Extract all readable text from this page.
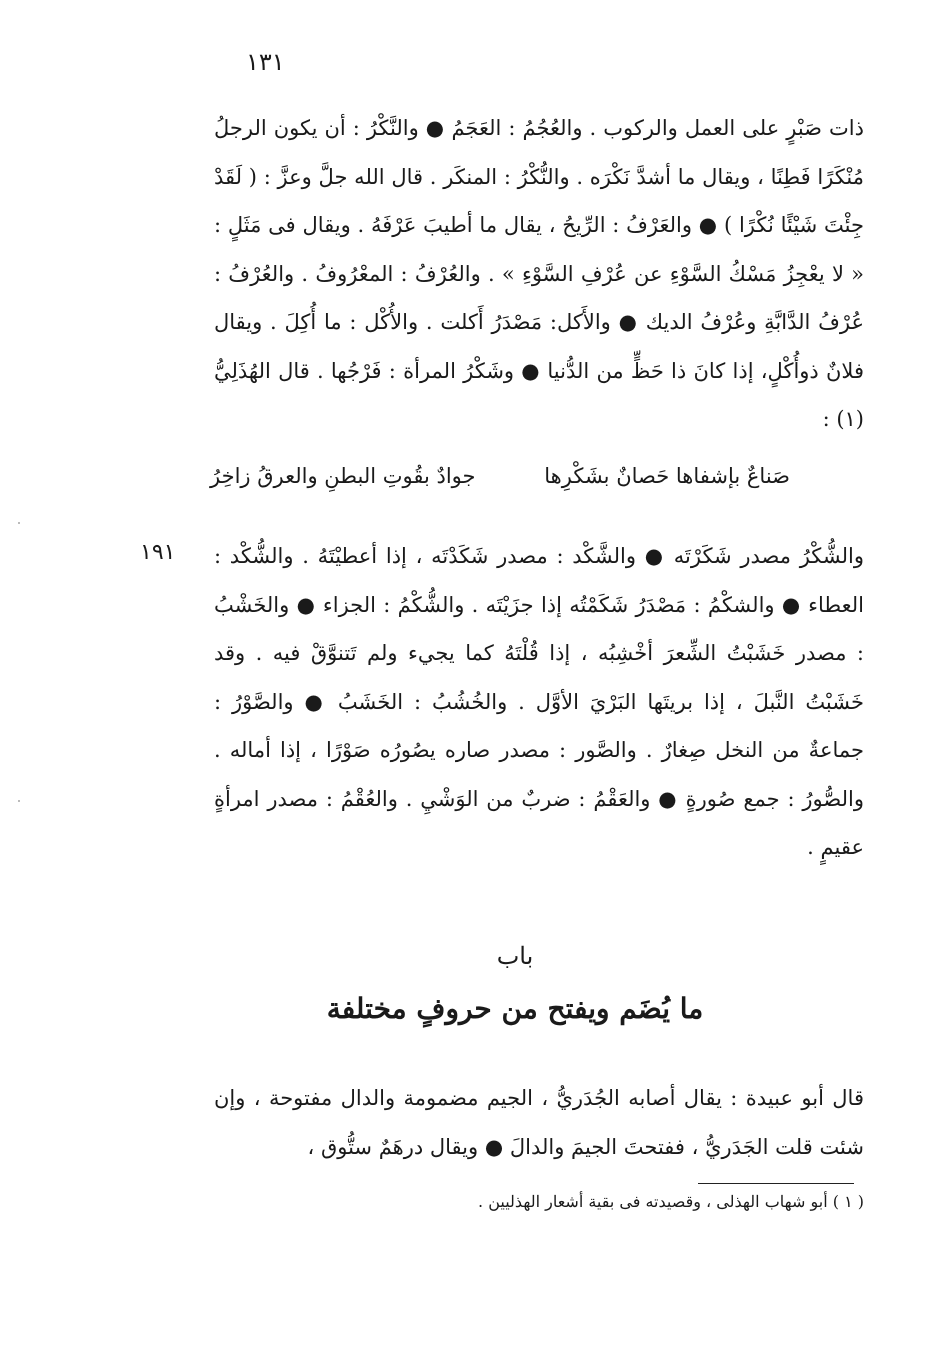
١٣١
ذات صَبْرٍ على العمل والركوب . والعُجُمُ : العَجَمُ ● والنَّكْرُ : أن يكون الرجلُ مُنْكَرًا فَطِنًا ، ويقال ما أشدَّ نَكْرَه . والنُّكْرُ : المنكَر . قال الله جلَّ وعزَّ : ( لَقَدْ جِئْتَ شَيْئًا نُكْرًا ) ● والعَرْفُ : الرِّيحُ ، يقال ما أطيبَ عَرْفَهُ . ويقال فى مَثَلٍ : « لا يعْجِزُ مَسْكُ السَّوْءِ عن عُرْفِ السَّوْءِ » . والعُرْفُ : المعْرُوفُ . والعُرْفُ : عُرْفُ الدَّابَّةِ وعُرْفُ الديك ● والأَكل: مَصْدَرُ أَكلت . والأُكْل : ما أُكِلَ . ويقال فلانٌ ذوأُكْلٍ، إذا كانَ ذا حَظٍّ من الدُّنيا ● وشَكْرُ المرأة : فَرْجُها . قال الهُذَلِيُّ (١) :
صَناعٌ بإشفاها حَصانٌ بشَكْرِها
جوادٌ بقُوتِ البطنِ والعرقُ زاخِرُ
١٩١ والشُّكْرُ مصدر شَكَرْتَه ● والشَّكْد : مصدر شَكَدْتَه ، إذا أعطيْتَهُ . والشُّكْد : العطاء ● والشكْمُ : مَصْدَرُ شَكَمْتُه إذا جزَيْتَه . والشُّكْمُ : الجزاء ● والخَشْبُ : مصدر خَشَبْتُ الشِّعرَ أخْشِبُه ، إذا قُلْتَهُ كما يجيء ولم تَتنوَّقْ فيه . وقد خَشَبْتُ النَّبلَ ، إذا بريتَها البَرْيَ الأوَّل . والخُشُبُ : الخَشَبُ ● والصَّوْرُ : جماعةٌ من النخل صِغارٌ . والصَّور : مصدر صاره يصُورُه صَوْرًا ، إذا أماله . والصُّورُ : جمع صُورةٍ ● والعَقْمُ : ضربٌ من الوَشْيِ . والعُقْمُ : مصدر امرأةٍ عقيمٍ .
باب
ما يُضَم ويفتح من حروفٍ مختلفة
قال أبو عبيدة : يقال أصابه الجُدَريُّ ، الجيم مضمومة والدال مفتوحة ، وإن شئت قلت الجَدَريُّ ، ففتحتَ الجيمَ والدالَ ● ويقال درهَمٌ ستُّوق ،
( ١ ) أبو شهاب الهذلى ، وقصيدته فى بقية أشعار الهذليين .
